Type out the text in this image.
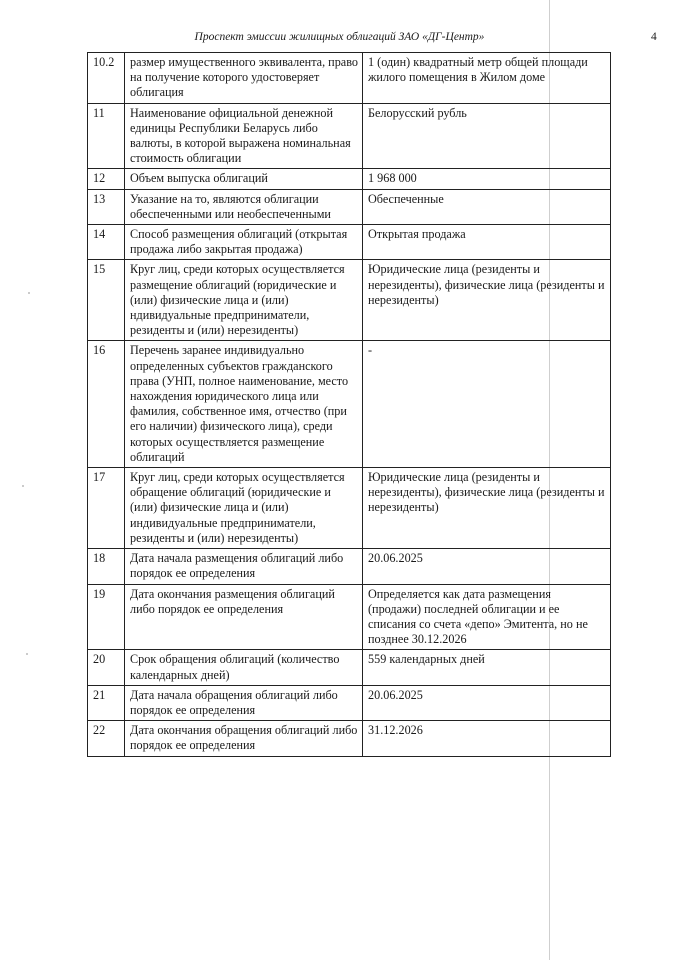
Проспект эмиссии жилищных облигаций ЗАО «ДГ-Центр»	4
10.2	размер имущественного эквивалента, право на получение которого удостоверяет облигация	1 (один) квадратный метр общей площади жилого помещения в Жилом доме
11	Наименование официальной денежной единицы Республики Беларусь либо валюты, в которой выражена номинальная стоимость облигации	Белорусский рубль
12	Объем выпуска облигаций	1 968 000
13	Указание на то, являются облигации обеспеченными или необеспеченными	Обеспеченные
14	Способ размещения облигаций (открытая продажа либо закрытая продажа)	Открытая продажа
15	Круг лиц, среди которых осуществляется размещение облигаций (юридические и (или) физические лица и (или) ндивидуальные предприниматели, резиденты и (или) нерезиденты)	Юридические лица (резиденты и нерезиденты), физические лица (резиденты и нерезиденты)
16	Перечень заранее индивидуально определенных субъектов гражданского права (УНП, полное наименование, место нахождения юридического лица или фамилия, собственное имя, отчество (при его наличии) физического лица), среди которых осуществляется размещение облигаций	-
17	Круг лиц, среди которых осуществляется обращение облигаций (юридические и (или) физические лица и (или) индивидуальные предприниматели, резиденты и (или) нерезиденты)	Юридические лица (резиденты и нерезиденты), физические лица (резиденты и нерезиденты)
18	Дата начала размещения облигаций либо порядок ее определения	20.06.2025
19	Дата окончания размещения облигаций либо порядок ее определения	Определяется как дата размещения (продажи) последней облигации и ее списания со счета «депо» Эмитента, но не позднее 30.12.2026
20	Срок обращения облигаций (количество календарных дней)	559 календарных дней
21	Дата начала обращения облигаций либо порядок ее определения	20.06.2025
22	Дата окончания обращения облигаций либо порядок ее определения	31.12.2026
